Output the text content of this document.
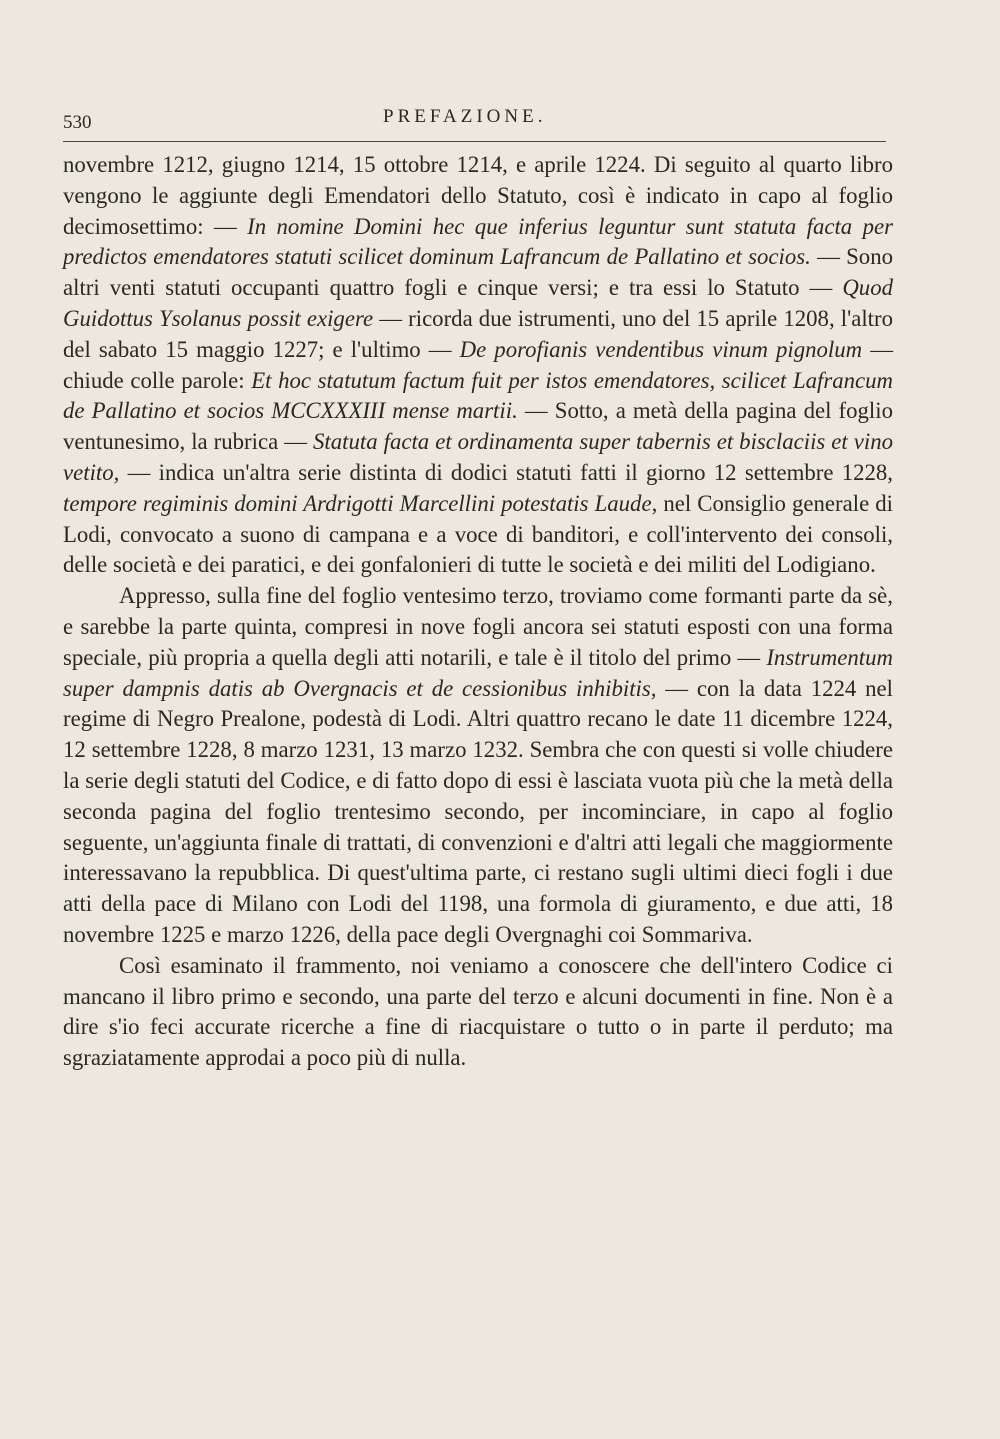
530	PREFAZIONE.

novembre 1212, giugno 1214, 15 ottobre 1214, e aprile 1224. Di seguito al quarto libro vengono le aggiunte degli Emendatori dello Statuto, così è indicato in capo al foglio decimosettimo: — In nomine Domini hec que inferius leguntur sunt statuta facta per predictos emendatores statuti scilicet dominum Lafrancum de Pallatino et socios. — Sono altri venti statuti occupanti quattro fogli e cinque versi; e tra essi lo Statuto — Quod Guidottus Ysolanus possit exigere — ricorda due istrumenti, uno del 15 aprile 1208, l'altro del sabato 15 maggio 1227; e l'ultimo — De porofianis vendentibus vinum pignolum — chiude colle parole: Et hoc statutum factum fuit per istos emendatores, scilicet Lafrancum de Pallatino et socios MCCXXXIII mense martii. — Sotto, a metà della pagina del foglio ventunesimo, la rubrica — Statuta facta et ordinamenta super tabernis et bisclaciis et vino vetito, — indica un'altra serie distinta di dodici statuti fatti il giorno 12 settembre 1228, tempore regiminis domini Ardrigotti Marcellini potestatis Laude, nel Consiglio generale di Lodi, convocato a suono di campana e a voce di banditori, e coll'intervento dei consoli, delle società e dei paratici, e dei gonfalonieri di tutte le società e dei militi del Lodigiano.

Appresso, sulla fine del foglio ventesimo terzo, troviamo come formanti parte da sè, e sarebbe la parte quinta, compresi in nove fogli ancora sei statuti esposti con una forma speciale, più propria a quella degli atti notarili, e tale è il titolo del primo — Instrumentum super dampnis datis ab Overgnacis et de cessionibus inhibitis, — con la data 1224 nel regime di Negro Prealone, podestà di Lodi. Altri quattro recano le date 11 dicembre 1224, 12 settembre 1228, 8 marzo 1231, 13 marzo 1232. Sembra che con questi si volle chiudere la serie degli statuti del Codice, e di fatto dopo di essi è lasciata vuota più che la metà della seconda pagina del foglio trentesimo secondo, per incominciare, in capo al foglio seguente, un'aggiunta finale di trattati, di convenzioni e d'altri atti legali che maggiormente interessavano la repubblica. Di quest'ultima parte, ci restano sugli ultimi dieci fogli i due atti della pace di Milano con Lodi del 1198, una formola di giuramento, e due atti, 18 novembre 1225 e marzo 1226, della pace degli Overgnaghi coi Sommariva.

Così esaminato il frammento, noi veniamo a conoscere che dell'intero Codice ci mancano il libro primo e secondo, una parte del terzo e alcuni documenti in fine. Non è a dire s'io feci accurate ricerche a fine di riacquistare o tutto o in parte il perduto; ma sgraziatamente approdai a poco più di nulla.
